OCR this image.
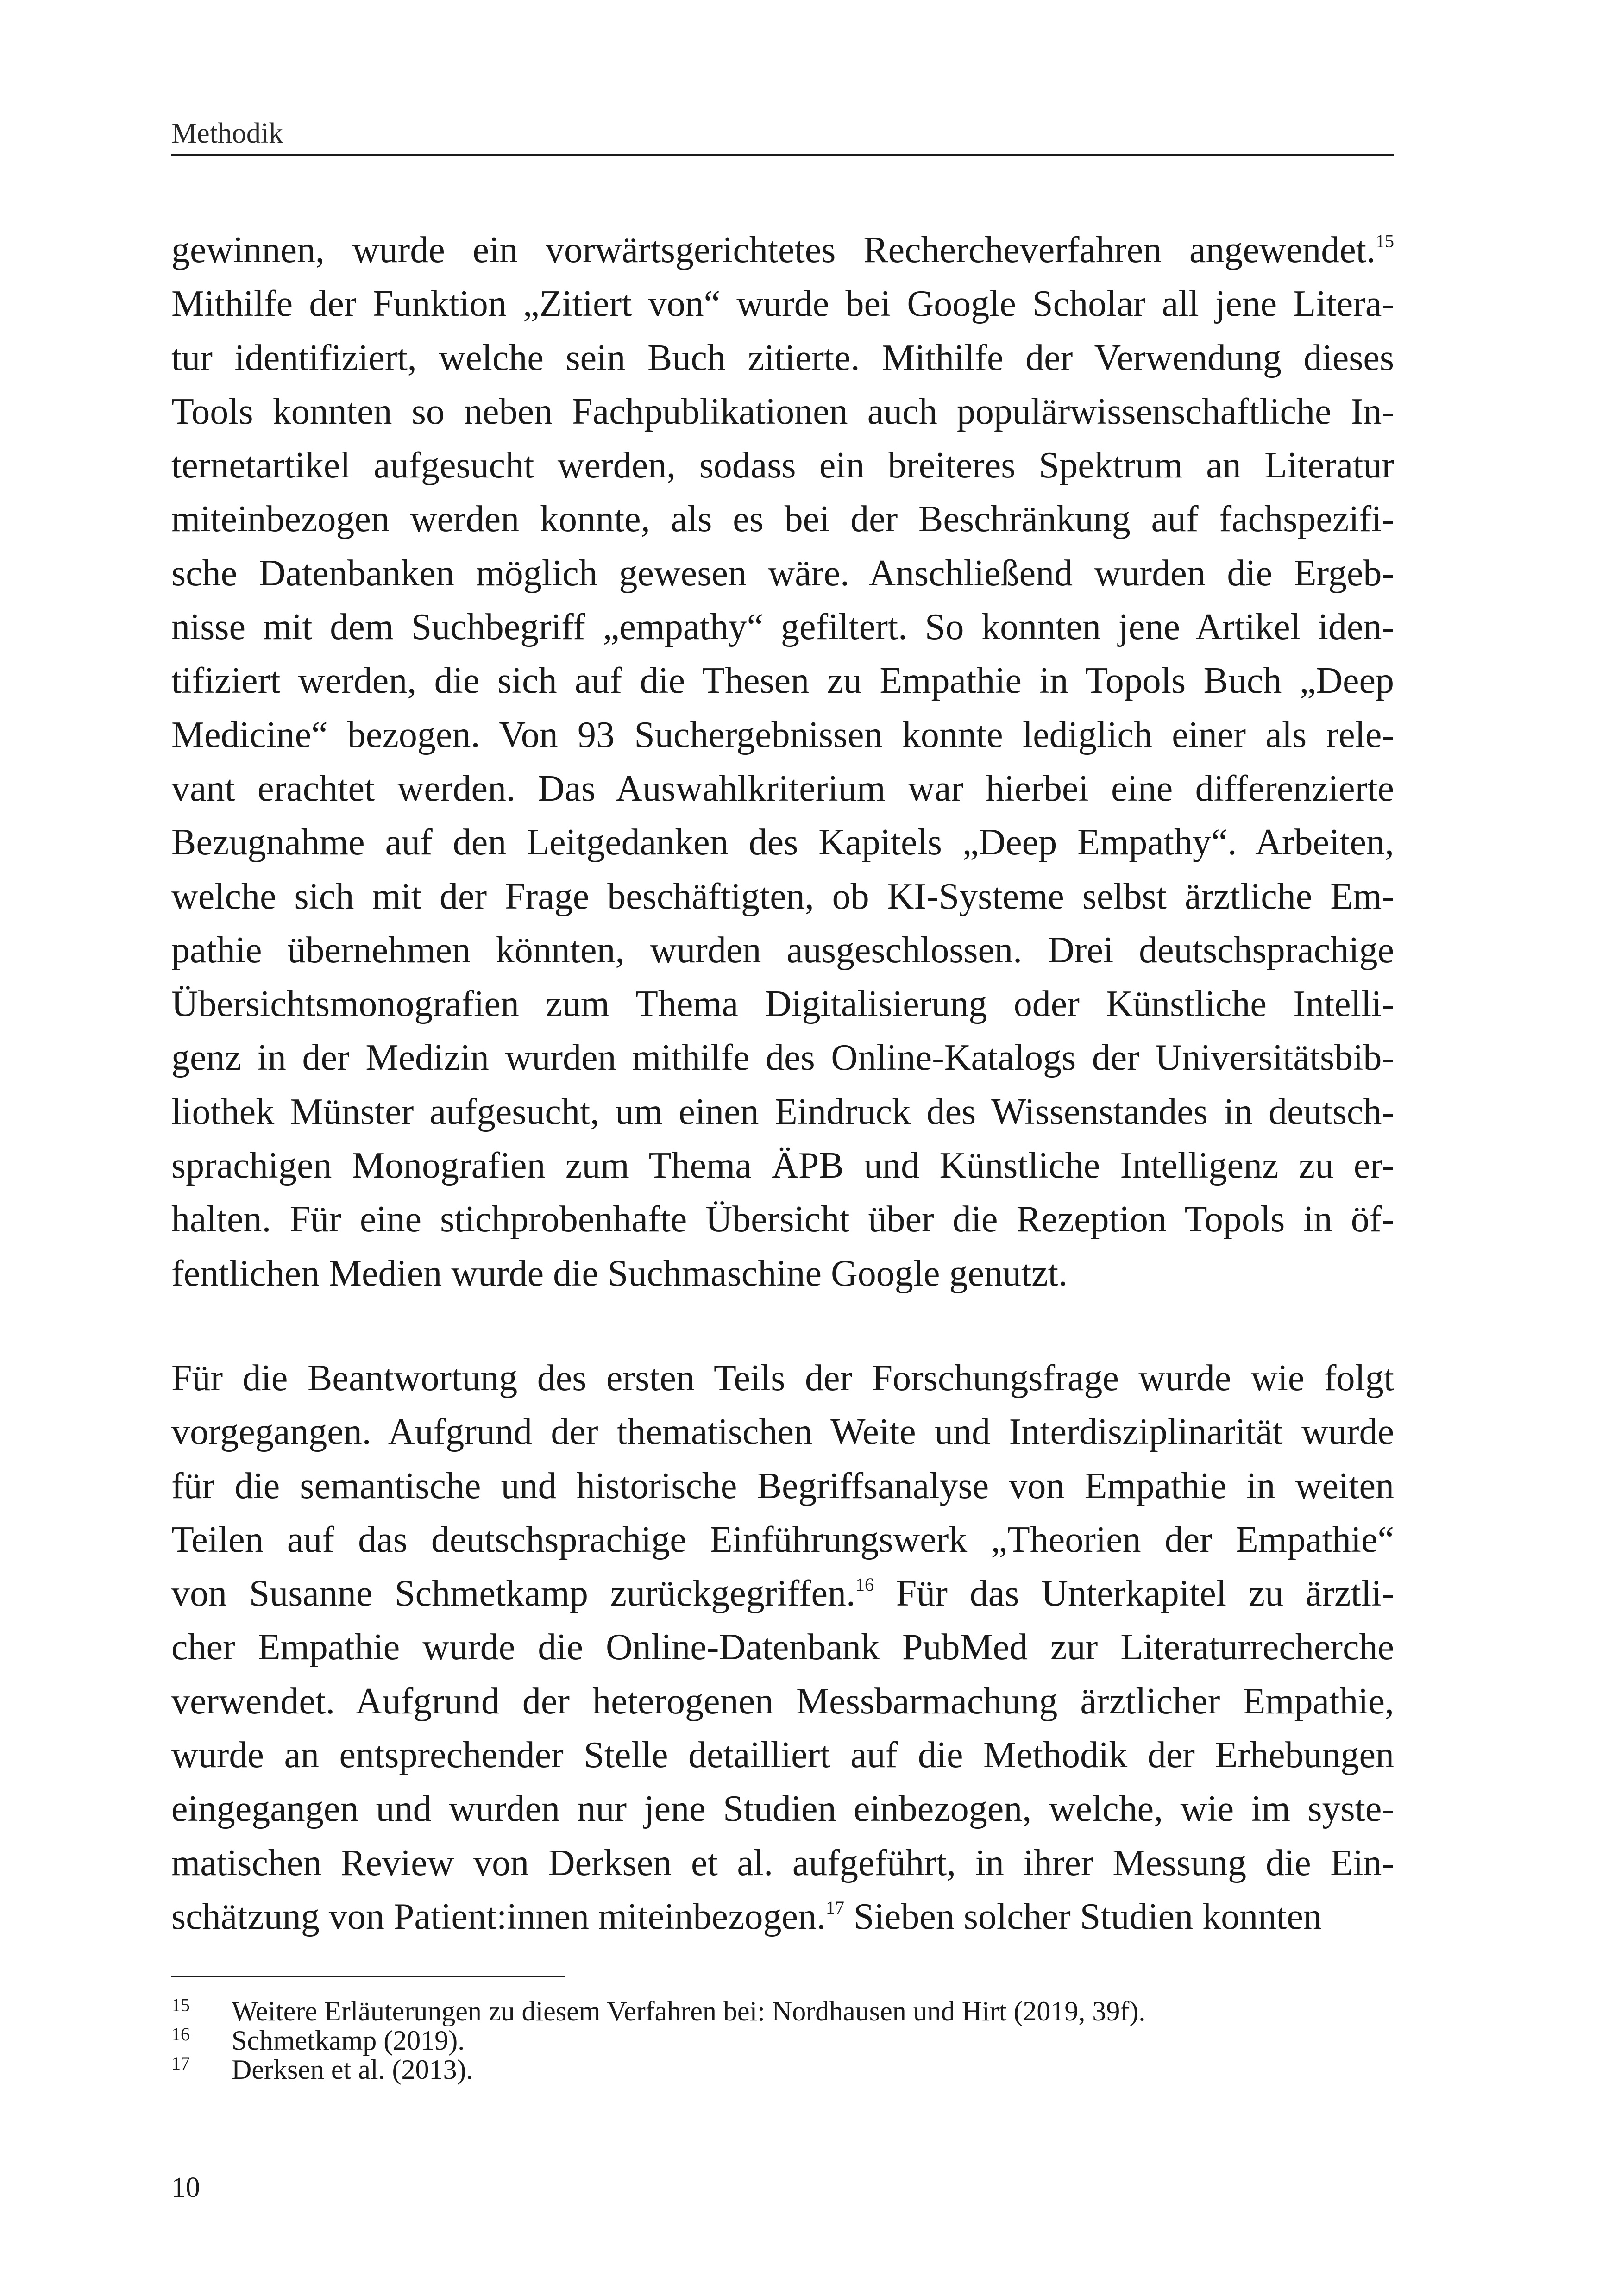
Methodik
gewinnen, wurde ein vorwärtsgerichtetes Rechercheverfahren angewendet.$^{15}$
Mithilfe der Funktion „Zitiert von“ wurde bei Google Scholar all jene Litera-
tur identifiziert, welche sein Buch zitierte. Mithilfe der Verwendung dieses
Tools konnten so neben Fachpublikationen auch populärwissenschaftliche In-
ternetartikel aufgesucht werden, sodass ein breiteres Spektrum an Literatur
miteinbezogen werden konnte, als es bei der Beschränkung auf fachspezifi-
sche Datenbanken möglich gewesen wäre. Anschließend wurden die Ergeb-
nisse mit dem Suchbegriff „empathy“ gefiltert. So konnten jene Artikel iden-
tifiziert werden, die sich auf die Thesen zu Empathie in Topols Buch „Deep
Medicine“ bezogen. Von 93 Suchergebnissen konnte lediglich einer als rele-
vant erachtet werden. Das Auswahlkriterium war hierbei eine differenzierte
Bezugnahme auf den Leitgedanken des Kapitels „Deep Empathy“. Arbeiten,
welche sich mit der Frage beschäftigten, ob KI-Systeme selbst ärztliche Em-
pathie übernehmen könnten, wurden ausgeschlossen. Drei deutschsprachige
Übersichtsmonografien zum Thema Digitalisierung oder Künstliche Intelli-
genz in der Medizin wurden mithilfe des Online-Katalogs der Universitätsbib-
liothek Münster aufgesucht, um einen Eindruck des Wissenstandes in deutsch-
sprachigen Monografien zum Thema ÄPB und Künstliche Intelligenz zu er-
halten. Für eine stichprobenhafte Übersicht über die Rezeption Topols in öf-
fentlichen Medien wurde die Suchmaschine Google genutzt.
Für die Beantwortung des ersten Teils der Forschungsfrage wurde wie folgt
vorgegangen. Aufgrund der thematischen Weite und Interdisziplinarität wurde
für die semantische und historische Begriffsanalyse von Empathie in weiten
Teilen auf das deutschsprachige Einführungswerk „Theorien der Empathie“
von Susanne Schmetkamp zurückgegriffen.$^{16}$ Für das Unterkapitel zu ärztli-
cher Empathie wurde die Online-Datenbank PubMed zur Literaturrecherche
verwendet. Aufgrund der heterogenen Messbarmachung ärztlicher Empathie,
wurde an entsprechender Stelle detailliert auf die Methodik der Erhebungen
eingegangen und wurden nur jene Studien einbezogen, welche, wie im syste-
matischen Review von Derksen et al. aufgeführt, in ihrer Messung die Ein-
schätzung von Patient:innen miteinbezogen.$^{17}$ Sieben solcher Studien konnten
15 Weitere Erläuterungen zu diesem Verfahren bei: Nordhausen und Hirt (2019, 39f).
16 Schmetkamp (2019).
17 Derksen et al. (2013).
10
